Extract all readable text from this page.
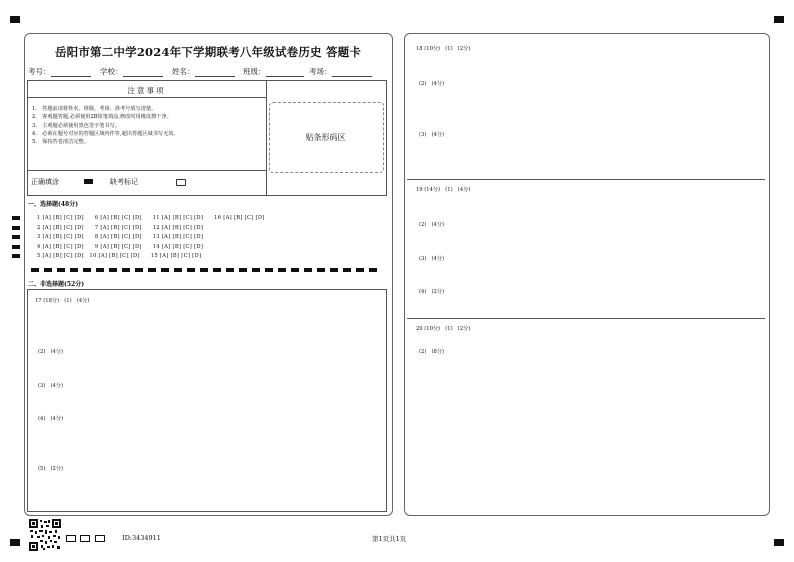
岳阳市第二中学2024年下学期联考八年级试卷历史 答题卡
考号：	学校：	姓名：	班级：	考场：
注意事项
1.　答题前请将姓名、班级、考场、准考号填写清楚。
2.　客观题答题,必须使用2B铅笔填涂,修改时用橡皮擦干净。
3.　主观题必须使用黑色签字笔书写。
4.　必须在题号对应的答题区域内作答,超出答题区域书写无效。
5.　保持答卷清洁完整。
正确填涂	缺考标记
贴条形码区
一、选择题(48分)
1 [A] [B] [C] [D]　　6 [A] [B] [C] [D]　　11 [A] [B] [C] [D]　　16 [A] [B] [C] [D]
2 [A] [B] [C] [D]　　7 [A] [B] [C] [D]　　12 [A] [B] [C] [D]
3 [A] [B] [C] [D]　　8 [A] [B] [C] [D]　　13 [A] [B] [C] [D]
4 [A] [B] [C] [D]　　9 [A] [B] [C] [D]　　14 [A] [B] [C] [D]
5 [A] [B] [C] [D]　10 [A] [B] [C] [D]　　15 [A] [B] [C] [D]
二、非选择题(52分)
17 (18分)　(1)　(4分)
(2)　(4分)
(3)　(4分)
(4)　(4分)
(5)　(2分)
18 (10分)　(1)　(2分)
(2)　(4分)
(3)　(4分)
19 (14分)　(1)　(4分)
(2)　(4分)
(3)　(4分)
(4)　(2分)
20 (10分)　(1)　(2分)
(2)　(8分)
ID:3434911	第1页共1页
